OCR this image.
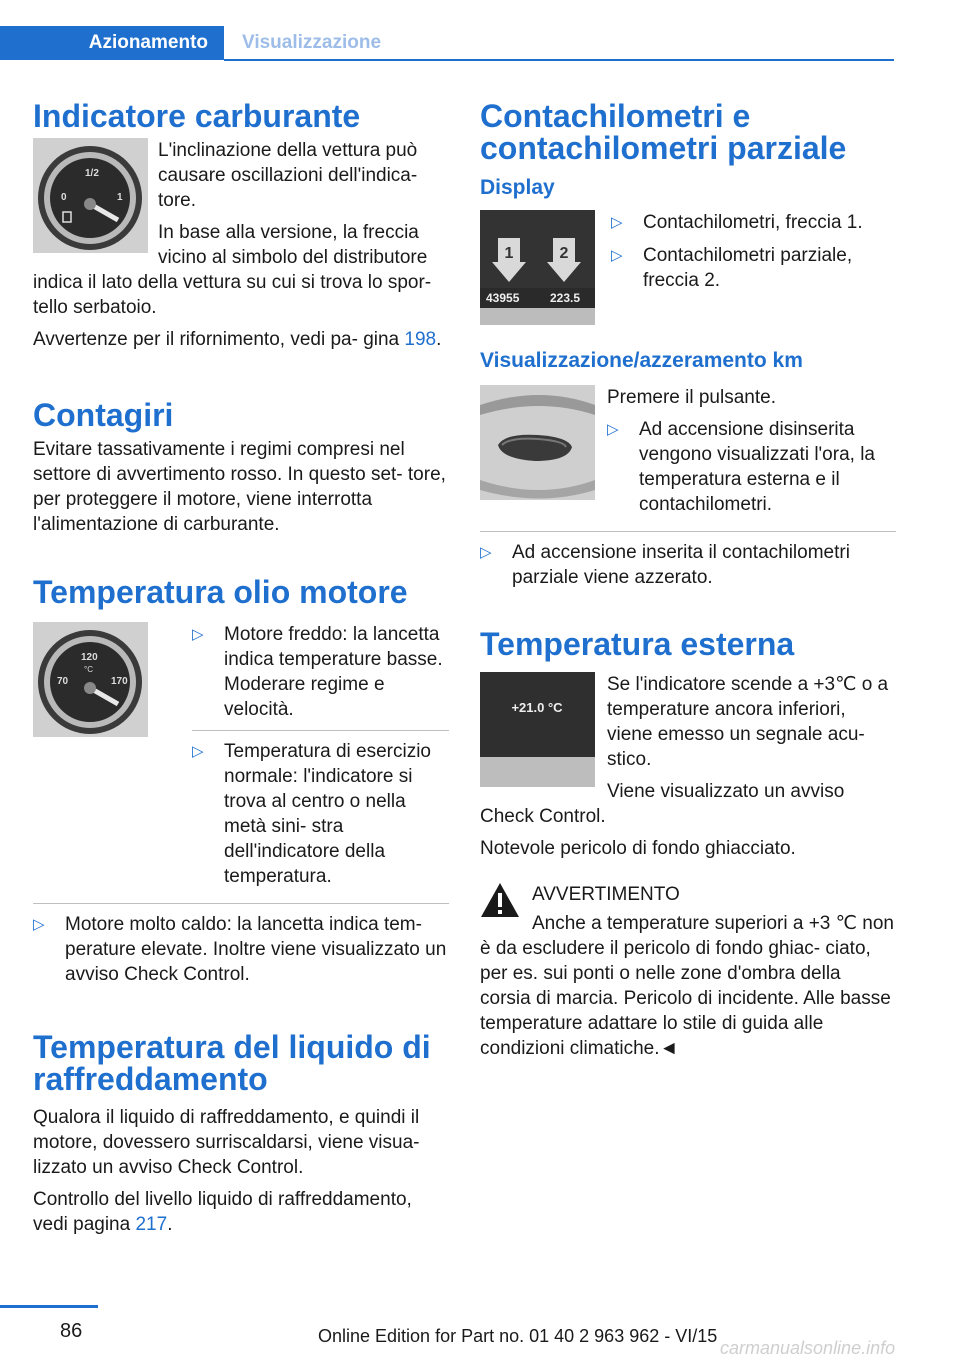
Azionamento	Visualizzazione
Indicatore carburante
1/2
0	1

L'inclinazione della vettura può causare oscillazioni dell'indica- tore.

In base alla versione, la freccia vicino al simbolo del distributore indica il lato della vettura su cui si trova lo spor- tello serbatoio.

Avvertenze per il rifornimento, vedi pa- gina 198.

Contagiri

Evitare tassativamente i regimi compresi nel settore di avvertimento rosso. In questo set- tore, per proteggere il motore, viene interrotta l'alimentazione di carburante.

Temperatura olio motore
120
°C
70	170
▷ Motore freddo: la lancetta indica temperature basse. Moderare regime e velocità.
▷ Temperatura di esercizio normale: l'indicatore si trova al centro o nella metà sini- stra dell'indicatore della temperatura.
▷ Motore molto caldo: la lancetta indica tem- perature elevate. Inoltre viene visualizzato un avviso Check Control.
Temperatura del liquido di raffreddamento

Qualora il liquido di raffreddamento, e quindi il motore, dovessero surriscaldarsi, viene visua- lizzato un avviso Check Control.

Controllo del livello liquido di raffreddamento, vedi pagina 217.

Contachilometri e contachilometri parziale
Display
1	2
43955	223.5
▷ Contachilometri, freccia 1.
▷ Contachilometri parziale, freccia 2.
Visualizzazione/azzeramento km

Premere il pulsante.

▷ Ad accensione disinserita vengono visualizzati l'ora, la temperatura esterna e il contachilometri.
▷ Ad accensione inserita il contachilometri parziale viene azzerato.
Temperatura esterna
+21.0 °C

Se l'indicatore scende a +3℃ o a temperature ancora inferiori, viene emesso un segnale acu- stico.

Viene visualizzato un avviso Check Control.

Notevole pericolo di fondo ghiacciato.

AVVERTIMENTO

Anche a temperature superiori a +3 ℃ non è da escludere il pericolo di fondo ghiac- ciato, per es. sui ponti o nelle zone d'ombra della corsia di marcia. Pericolo di incidente. Alle basse temperature adattare lo stile di guida alle condizioni climatiche.◄

86	Online Edition for Part no. 01 40 2 963 962 - VI/15
carmanualsonline.info
